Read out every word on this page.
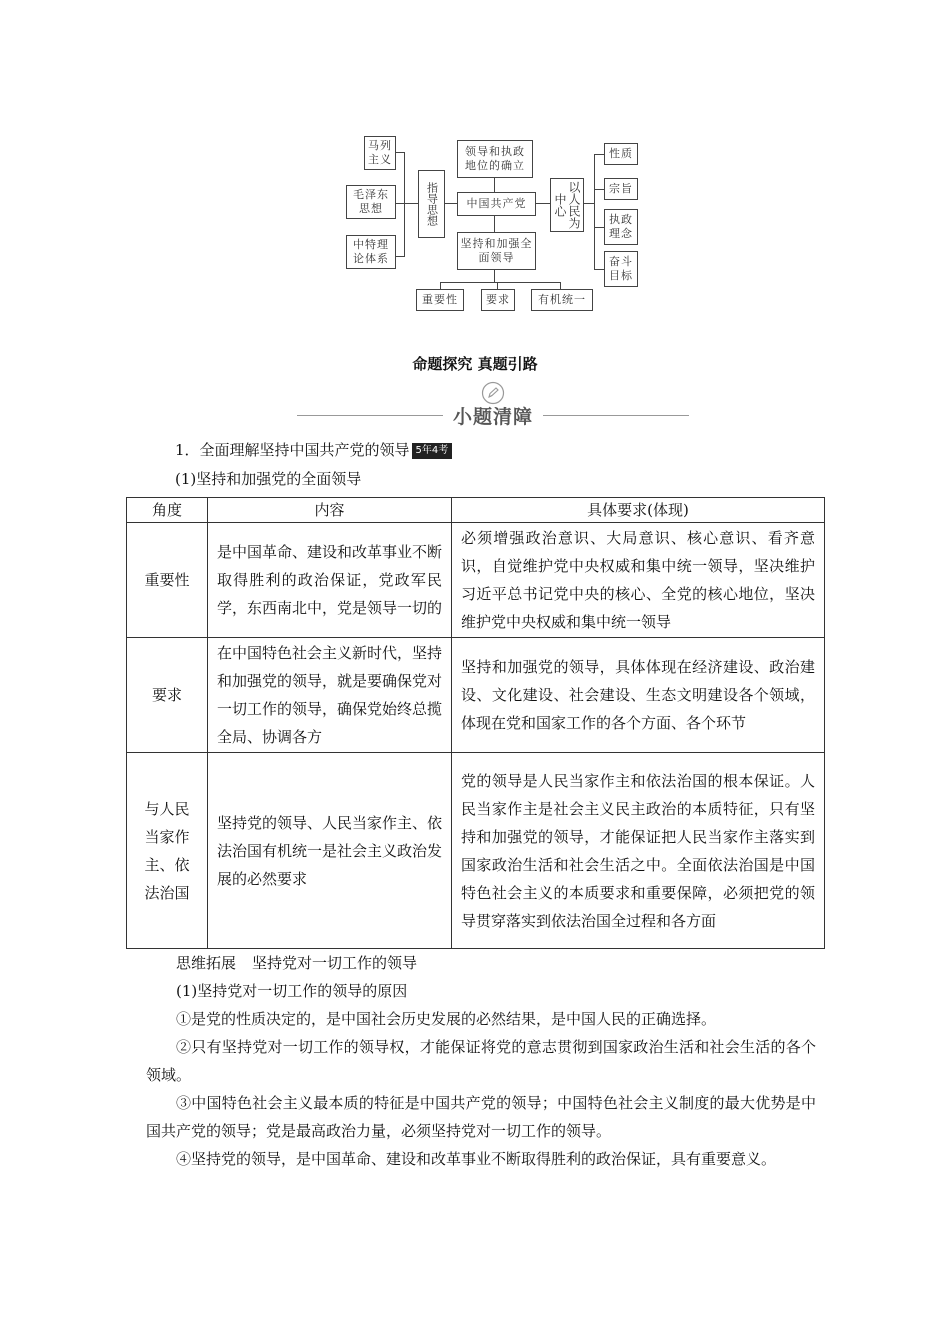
马列主义
毛泽东思想
中特理论体系
指导思想
领导和执政地位的确立
中国共产党
坚持和加强全面领导
以人民为中心
性质
宗旨
执政理念
奋斗目标
重要性	要求	有机统一
命题探究 真题引路
小题清障

1．全面理解坚持中国共产党的领导 5年4考

(1)坚持和加强党的全面领导

角度	内容	具体要求(体现)
重要性	是中国革命、建设和改革事业不断取得胜利的政治保证，党政军民学，东西南北中，党是领导一切的	必须增强政治意识、大局意识、核心意识、看齐意识，自觉维护党中央权威和集中统一领导，坚决维护习近平总书记党中央的核心、全党的核心地位，坚决维护党中央权威和集中统一领导
要求	在中国特色社会主义新时代，坚持和加强党的领导，就是要确保党对一切工作的领导，确保党始终总揽全局、协调各方	坚持和加强党的领导，具体体现在经济建设、政治建设、文化建设、社会建设、生态文明建设各个领域，体现在党和国家工作的各个方面、各个环节
与人民当家作主、依法治国	坚持党的领导、人民当家作主、依法治国有机统一是社会主义政治发展的必然要求	党的领导是人民当家作主和依法治国的根本保证。人民当家作主是社会主义民主政治的本质特征，只有坚持和加强党的领导，才能保证把人民当家作主落实到国家政治生活和社会生活之中。全面依法治国是中国特色社会主义的本质要求和重要保障，必须把党的领导贯穿落实到依法治国全过程和各方面

思维拓展 坚持党对一切工作的领导

(1)坚持党对一切工作的领导的原因

①是党的性质决定的，是中国社会历史发展的必然结果，是中国人民的正确选择。

②只有坚持党对一切工作的领导权，才能保证将党的意志贯彻到国家政治生活和社会生活的各个领域。

③中国特色社会主义最本质的特征是中国共产党的领导；中国特色社会主义制度的最大优势是中国共产党的领导；党是最高政治力量，必须坚持党对一切工作的领导。

④坚持党的领导，是中国革命、建设和改革事业不断取得胜利的政治保证，具有重要意义。
